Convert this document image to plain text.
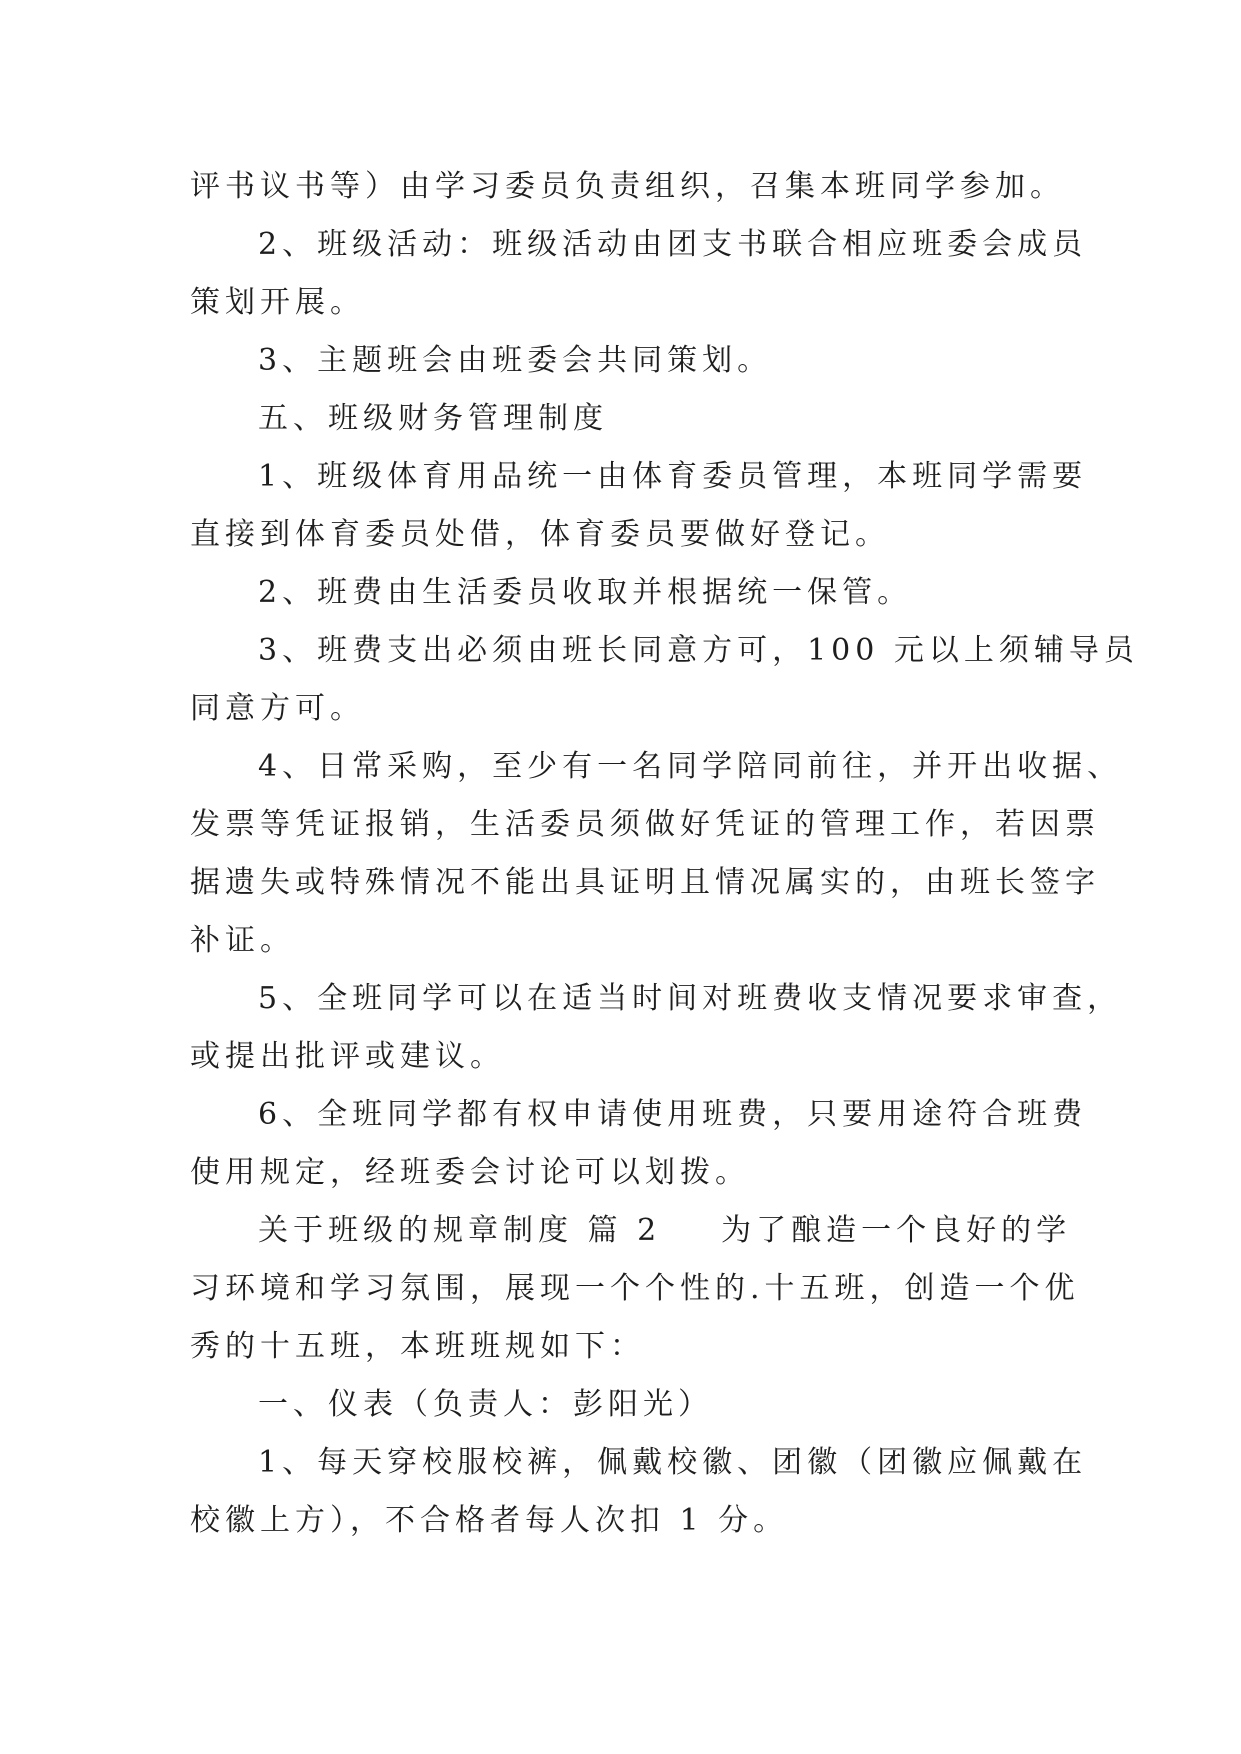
评书议书等）由学习委员负责组织，召集本班同学参加。
2、班级活动：班级活动由团支书联合相应班委会成员
策划开展。
3、主题班会由班委会共同策划。
五、班级财务管理制度
1、班级体育用品统一由体育委员管理，本班同学需要
直接到体育委员处借，体育委员要做好登记。
2、班费由生活委员收取并根据统一保管。
3、班费支出必须由班长同意方可，100 元以上须辅导员
同意方可。
4、日常采购，至少有一名同学陪同前往，并开出收据、
发票等凭证报销，生活委员须做好凭证的管理工作，若因票
据遗失或特殊情况不能出具证明且情况属实的，由班长签字
补证。
5、全班同学可以在适当时间对班费收支情况要求审查，
或提出批评或建议。
6、全班同学都有权申请使用班费，只要用途符合班费
使用规定，经班委会讨论可以划拨。
关于班级的规章制度 篇 2 为了酿造一个良好的学
习环境和学习氛围，展现一个个性的.十五班，创造一个优
秀的十五班，本班班规如下：
一、仪表（负责人：彭阳光）
1、每天穿校服校裤，佩戴校徽、团徽（团徽应佩戴在
校徽上方），不合格者每人次扣 1 分。
